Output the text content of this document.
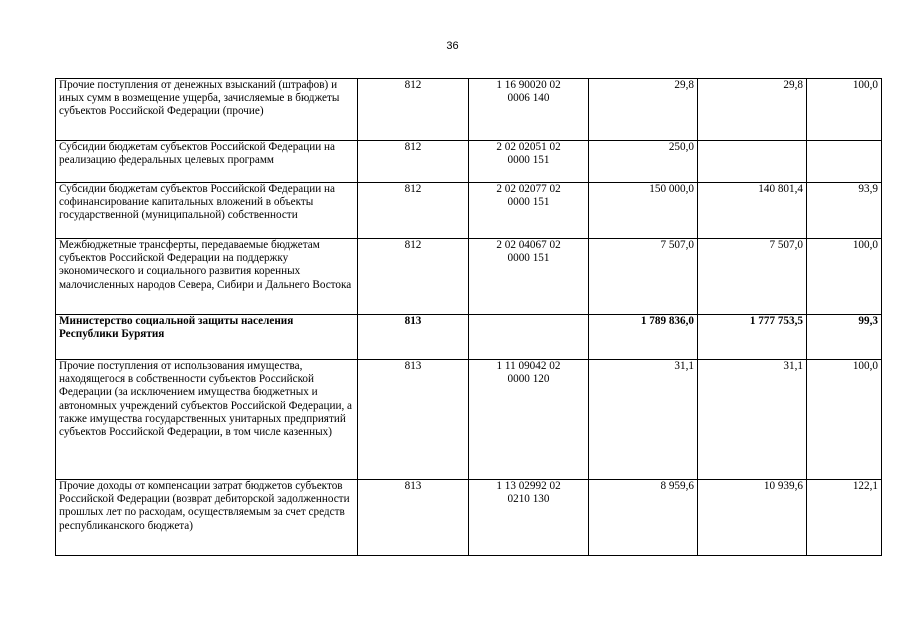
36
Прочие поступления от денежных взысканий (штрафов) и иных сумм в возмещение ущерба, зачисляемые в бюджеты субъектов Российской Федерации (прочие)	812	1 16 90020 02
0006 140	29,8	29,8	100,0
Субсидии бюджетам субъектов Российской Федерации на реализацию федеральных целевых программ	812	2 02 02051 02
0000 151	250,0		
Субсидии бюджетам субъектов Российской Федерации на софинансирование капитальных вложений в объекты государственной (муниципальной) собственности	812	2 02 02077 02
0000 151	150 000,0	140 801,4	93,9
Межбюджетные трансферты, передаваемые бюджетам субъектов Российской Федерации на поддержку экономического и социального развития коренных малочисленных народов Севера, Сибири и Дальнего Востока	812	2 02 04067 02
0000 151	7 507,0	7 507,0	100,0
Министерство социальной защиты населения Республики Бурятия	813		1 789 836,0	1 777 753,5	99,3
Прочие поступления от использования имущества, находящегося в собственности субъектов Российской Федерации (за исключением имущества бюджетных и автономных учреждений субъектов Российской Федерации, а также имущества государственных унитарных предприятий субъектов Российской Федерации, в том числе казенных)	813	1 11 09042 02
0000 120	31,1	31,1	100,0
Прочие доходы от компенсации затрат бюджетов субъектов Российской Федерации (возврат дебиторской задолженности прошлых лет по расходам, осуществляемым за счет средств республиканского бюджета)	813	1 13 02992 02
0210 130	8 959,6	10 939,6	122,1
